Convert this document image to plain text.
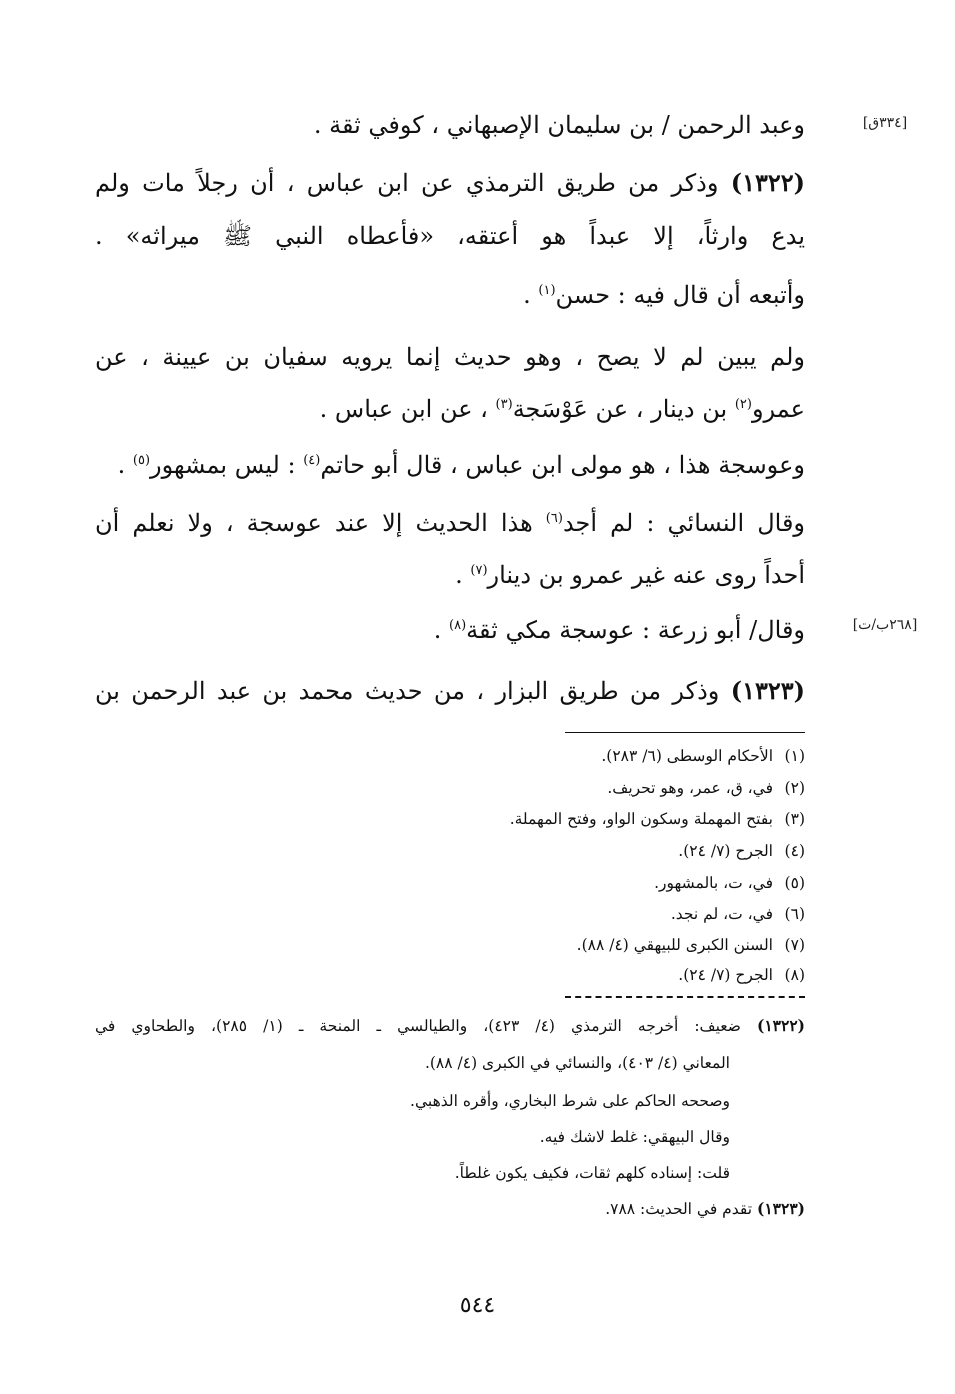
[٣٣٤ق]
[٢٦٨ب/ت]
وعبد الرحمن / بن سليمان الإصبهاني ، كوفي ثقة .
(١٣٢٢) وذكر من طريق الترمذي عن ابن عباس ، أن رجلاً مات ولم
يدع وارثاً، إلا عبداً هو أعتقه، «فأعطاه النبي ﷺ ميراثه» .
وأتبعه أن قال فيه : حسن$^{(١)}$ .
ولم يبين لم لا يصح ، وهو حديث إنما يرويه سفيان بن عيينة ، عن
عمرو$^{(٢)}$ بن دينار ، عن عَوْسَجة$^{(٣)}$ ، عن ابن عباس .
وعوسجة هذا ، هو مولى ابن عباس ، قال أبو حاتم$^{(٤)}$ : ليس بمشهور$^{(٥)}$ .
وقال النسائي : لم أجد$^{(٦)}$ هذا الحديث إلا عند عوسجة ، ولا نعلم أن
أحداً روى عنه غير عمرو بن دينار$^{(٧)}$ .
وقال/ أبو زرعة : عوسجة مكي ثقة$^{(٨)}$ .
(١٣٢٣) وذكر من طريق البزار ، من حديث محمد بن عبد الرحمن بن
(١)الأحكام الوسطى (٦/ ٢٨٣).
(٢)في، ق، عمر، وهو تحريف.
(٣)بفتح المهملة وسكون الواو، وفتح المهملة.
(٤)الجرح (٧/ ٢٤).
(٥)في، ت، بالمشهور.
(٦)في، ت، لم نجد.
(٧)السنن الكبرى للبيهقي (٤/ ٨٨).
(٨)الجرح (٧/ ٢٤).
(١٣٢٢) ضعيف: أخرجه الترمذي (٤/ ٤٢٣)، والطيالسي ـ المنحة ـ (١/ ٢٨٥)، والطحاوي في
المعاني (٤/ ٤٠٣)، والنسائي في الكبرى (٤/ ٨٨).
وصححه الحاكم على شرط البخاري، وأقره الذهبي.
وقال البيهقي: غلط لاشك فيه.
قلت: إسناده كلهم ثقات، فكيف يكون غلطاً.
(١٣٢٣) تقدم في الحديث: ٧٨٨.
٥٤٤
